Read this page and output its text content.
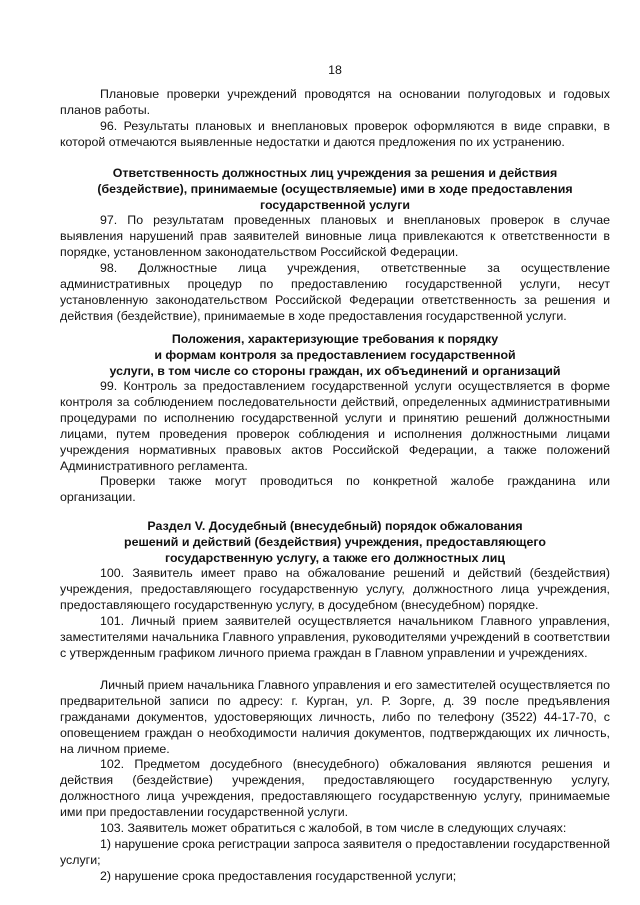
18

Плановые проверки учреждений проводятся на основании полугодовых и годовых планов работы.

96. Результаты плановых и внеплановых проверок оформляются в виде справки, в которой отмечаются выявленные недостатки и даются предложения по их устранению.

Ответственность должностных лиц учреждения за решения и действия
(бездействие), принимаемые (осуществляемые) ими в ходе предоставления
государственной услуги

97. По результатам проведенных плановых и внеплановых проверок в случае выявления нарушений прав заявителей виновные лица привлекаются к ответственности в порядке, установленном законодательством Российской Федерации.

98. Должностные лица учреждения, ответственные за осуществление административных процедур по предоставлению государственной услуги, несут установленную законодательством Российской Федерации ответственность за решения и действия (бездействие), принимаемые в ходе предоставления государственной услуги.

Положения, характеризующие требования к порядку
и формам контроля за предоставлением государственной
услуги, в том числе со стороны граждан, их объединений и организаций

99. Контроль за предоставлением государственной услуги осуществляется в форме контроля за соблюдением последовательности действий, определенных административными процедурами по исполнению государственной услуги и принятию решений должностными лицами, путем проведения проверок соблюдения и исполнения должностными лицами учреждения нормативных правовых актов Российской Федерации, а также положений Административного регламента.

Проверки также могут проводиться по конкретной жалобе гражданина или организации.

Раздел V. Досудебный (внесудебный) порядок обжалования
решений и действий (бездействия) учреждения, предоставляющего
государственную услугу, а также его должностных лиц

100. Заявитель имеет право на обжалование решений и действий (бездействия) учреждения, предоставляющего государственную услугу, должностного лица учреждения, предоставляющего государственную услугу, в досудебном (внесудебном) порядке.

101. Личный прием заявителей осуществляется начальником Главного управления, заместителями начальника Главного управления, руководителями учреждений в соответствии с утвержденным графиком личного приема граждан в Главном управлении и учреждениях.

Личный прием начальника Главного управления и его заместителей осуществляется по предварительной записи по адресу: г. Курган, ул. Р. Зорге, д. 39 после предъявления гражданами документов, удостоверяющих личность, либо по телефону (3522) 44-17-70, с оповещением граждан о необходимости наличия документов, подтверждающих их личность, на личном приеме.

102. Предметом досудебного (внесудебного) обжалования являются решения и действия (бездействие) учреждения, предоставляющего государственную услугу, должностного лица учреждения, предоставляющего государственную услугу, принимаемые ими при предоставлении государственной услуги.

103. Заявитель может обратиться с жалобой, в том числе в следующих случаях:

1) нарушение срока регистрации запроса заявителя о предоставлении государственной услуги;

2) нарушение срока предоставления государственной услуги;
